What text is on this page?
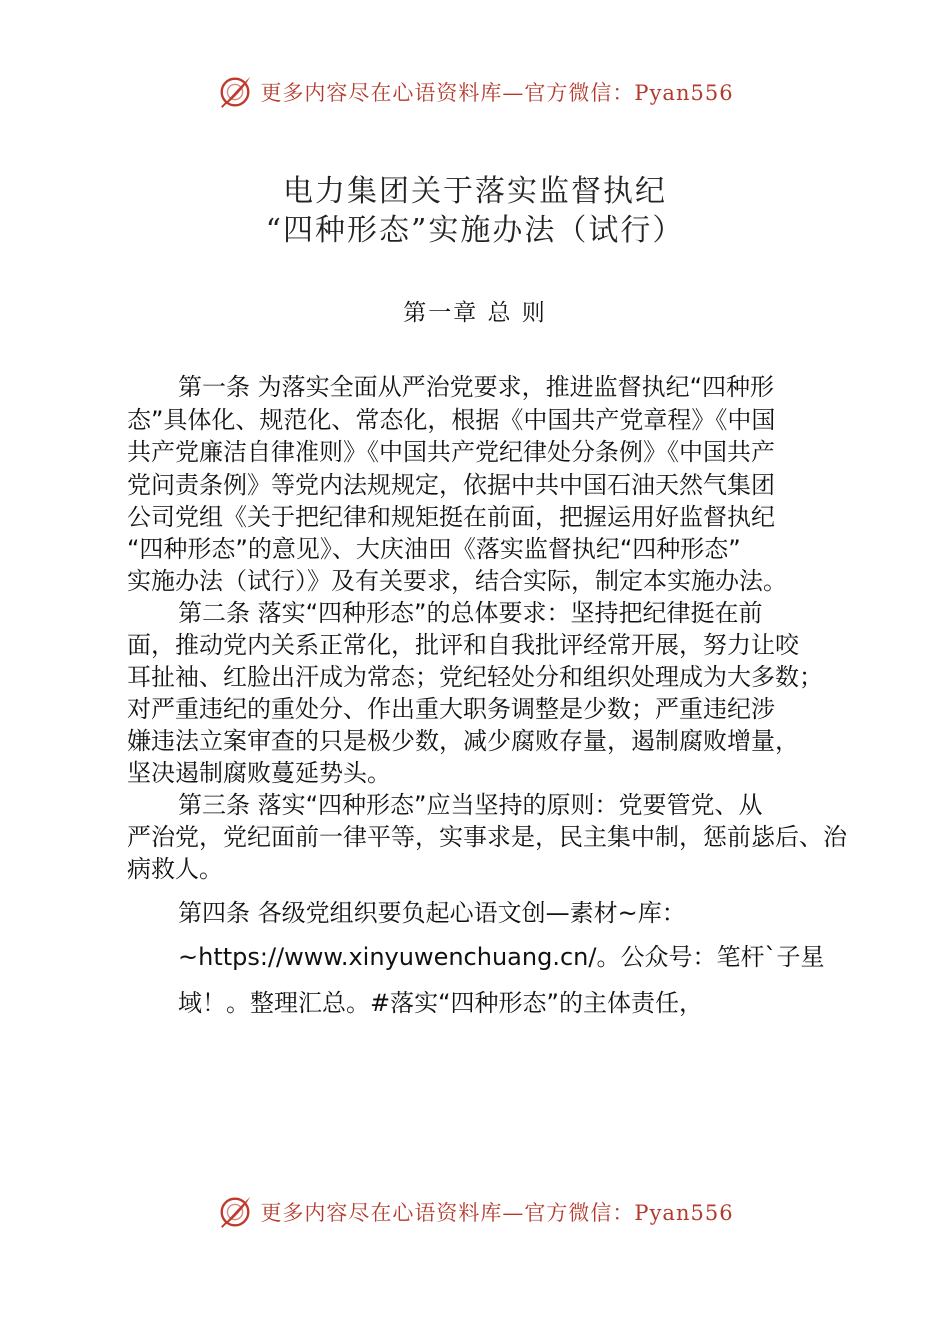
更多内容尽在心语资料库—官方微信：Pyan556
电力集团关于落实监督执纪
“四种形态”实施办法（试行）
第一章 总 则
第一条 为落实全面从严治党要求，推进监督执纪“四种形
态”具体化、规范化、常态化，根据《中国共产党章程》《中国
共产党廉洁自律准则》《中国共产党纪律处分条例》《中国共产
党问责条例》等党内法规规定，依据中共中国石油天然气集团
公司党组《关于把纪律和规矩挺在前面，把握运用好监督执纪
“四种形态”的意见》、大庆油田《落实监督执纪“四种形态”
实施办法（试行）》及有关要求，结合实际，制定本实施办法。
第二条 落实“四种形态”的总体要求：坚持把纪律挺在前
面，推动党内关系正常化，批评和自我批评经常开展，努力让咬
耳扯袖、红脸出汗成为常态；党纪轻处分和组织处理成为大多数；
对严重违纪的重处分、作出重大职务调整是少数；严重违纪涉
嫌违法立案审查的只是极少数，减少腐败存量，遏制腐败增量，
坚决遏制腐败蔓延势头。
第三条 落实“四种形态”应当坚持的原则：党要管党、从
严治党，党纪面前一律平等，实事求是，民主集中制，惩前毖后、治
病救人。
第四条 各级党组织要负起心语文创—素材~库：
~https://www.xinyuwenchuang.cn/。公众号：笔杆`子星
域！。整理汇总。#落实“四种形态”的主体责任，
更多内容尽在心语资料库—官方微信：Pyan556
